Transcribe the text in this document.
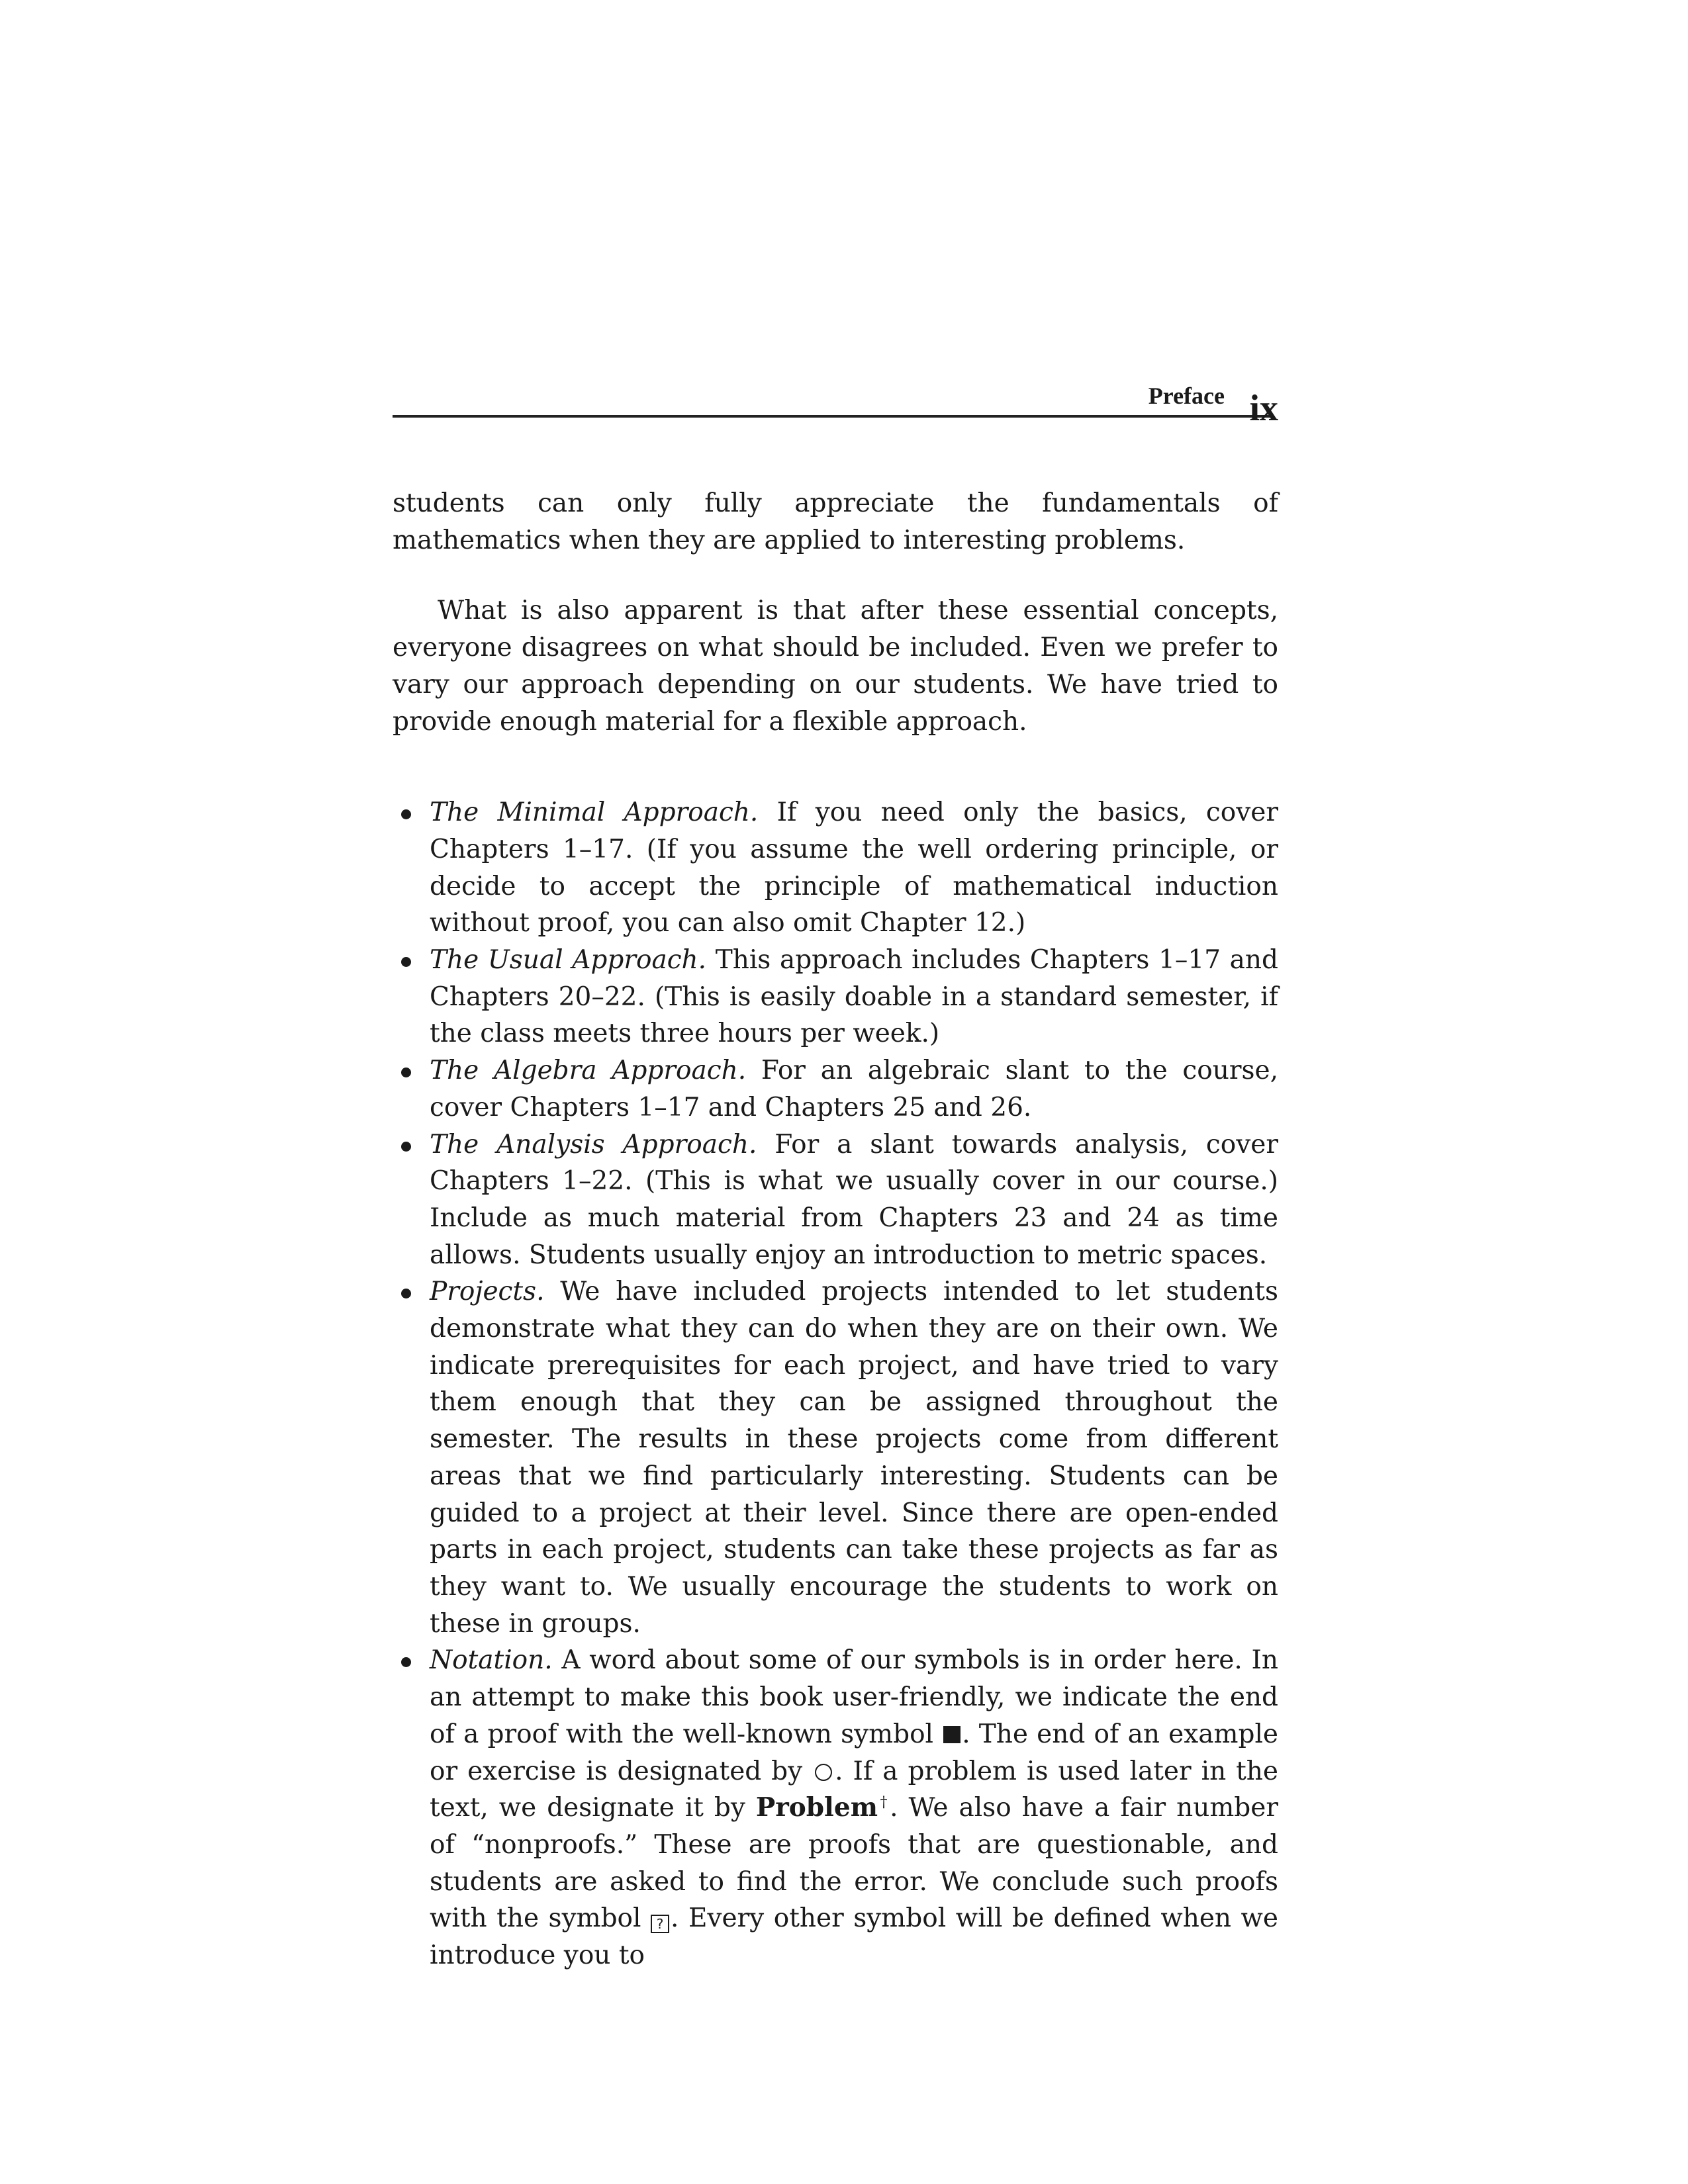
Preface ix

students can only fully appreciate the fundamentals of mathematics when they are applied to interesting problems.

What is also apparent is that after these essential concepts, everyone disagrees on what should be included. Even we prefer to vary our approach depending on our students. We have tried to provide enough material for a flexible approach.

The Minimal Approach. If you need only the basics, cover Chapters 1–17. (If you assume the well ordering principle, or decide to accept the principle of mathematical induction without proof, you can also omit Chapter 12.)
The Usual Approach. This approach includes Chapters 1–17 and Chapters 20–22. (This is easily doable in a standard semester, if the class meets three hours per week.)
The Algebra Approach. For an algebraic slant to the course, cover Chapters 1–17 and Chapters 25 and 26.
The Analysis Approach. For a slant towards analysis, cover Chapters 1–22. (This is what we usually cover in our course.) Include as much material from Chapters 23 and 24 as time allows. Students usually enjoy an introduction to metric spaces.
Projects. We have included projects intended to let students demonstrate what they can do when they are on their own. We indicate prerequisites for each project, and have tried to vary them enough that they can be assigned throughout the semester. The results in these projects come from different areas that we find particularly interesting. Students can be guided to a project at their level. Since there are open-ended parts in each project, students can take these projects as far as they want to. We usually encourage the students to work on these in groups.
Notation. A word about some of our symbols is in order here. In an attempt to make this book user-friendly, we indicate the end of a proof with the well-known symbol . The end of an example or exercise is designated by . If a problem is used later in the text, we designate it by Problem†. We also have a fair number of “nonproofs.” These are proofs that are questionable, and students are asked to find the error. We conclude such proofs with the symbol ? . Every other symbol will be defined when we introduce you to
